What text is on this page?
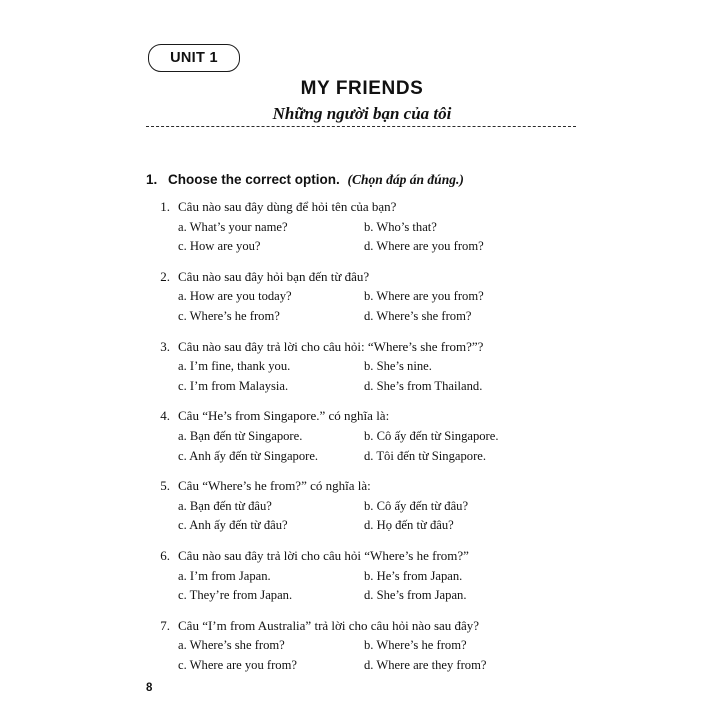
UNIT 1
MY FRIENDS

Những người bạn của tôi

1. Choose the correct option. (Chọn đáp án đúng.)
1. Câu nào sau đây dùng để hỏi tên của bạn?
a. What’s your name?	b. Who’s that?
c. How are you?	d. Where are you from?
2. Câu nào sau đây hỏi bạn đến từ đâu?
a. How are you today?	b. Where are you from?
c. Where’s he from?	d. Where’s she from?
3. Câu nào sau đây trả lời cho câu hỏi: “Where’s she from?”?
a. I’m fine, thank you.	b. She’s nine.
c. I’m from Malaysia.	d. She’s from Thailand.
4. Câu “He’s from Singapore.” có nghĩa là:
a. Bạn đến từ Singapore.	b. Cô ấy đến từ Singapore.
c. Anh ấy đến từ Singapore.	d. Tôi đến từ Singapore.
5. Câu “Where’s he from?” có nghĩa là:
a. Bạn đến từ đâu?	b. Cô ấy đến từ đâu?
c. Anh ấy đến từ đâu?	d. Họ đến từ đâu?
6. Câu nào sau đây trả lời cho câu hỏi “Where’s he from?”
a. I’m from Japan.	b. He’s from Japan.
c. They’re from Japan.	d. She’s from Japan.
7. Câu “I’m from Australia” trả lời cho câu hỏi nào sau đây?
a. Where’s she from?	b. Where’s he from?
c. Where are you from?	d. Where are they from?
8
